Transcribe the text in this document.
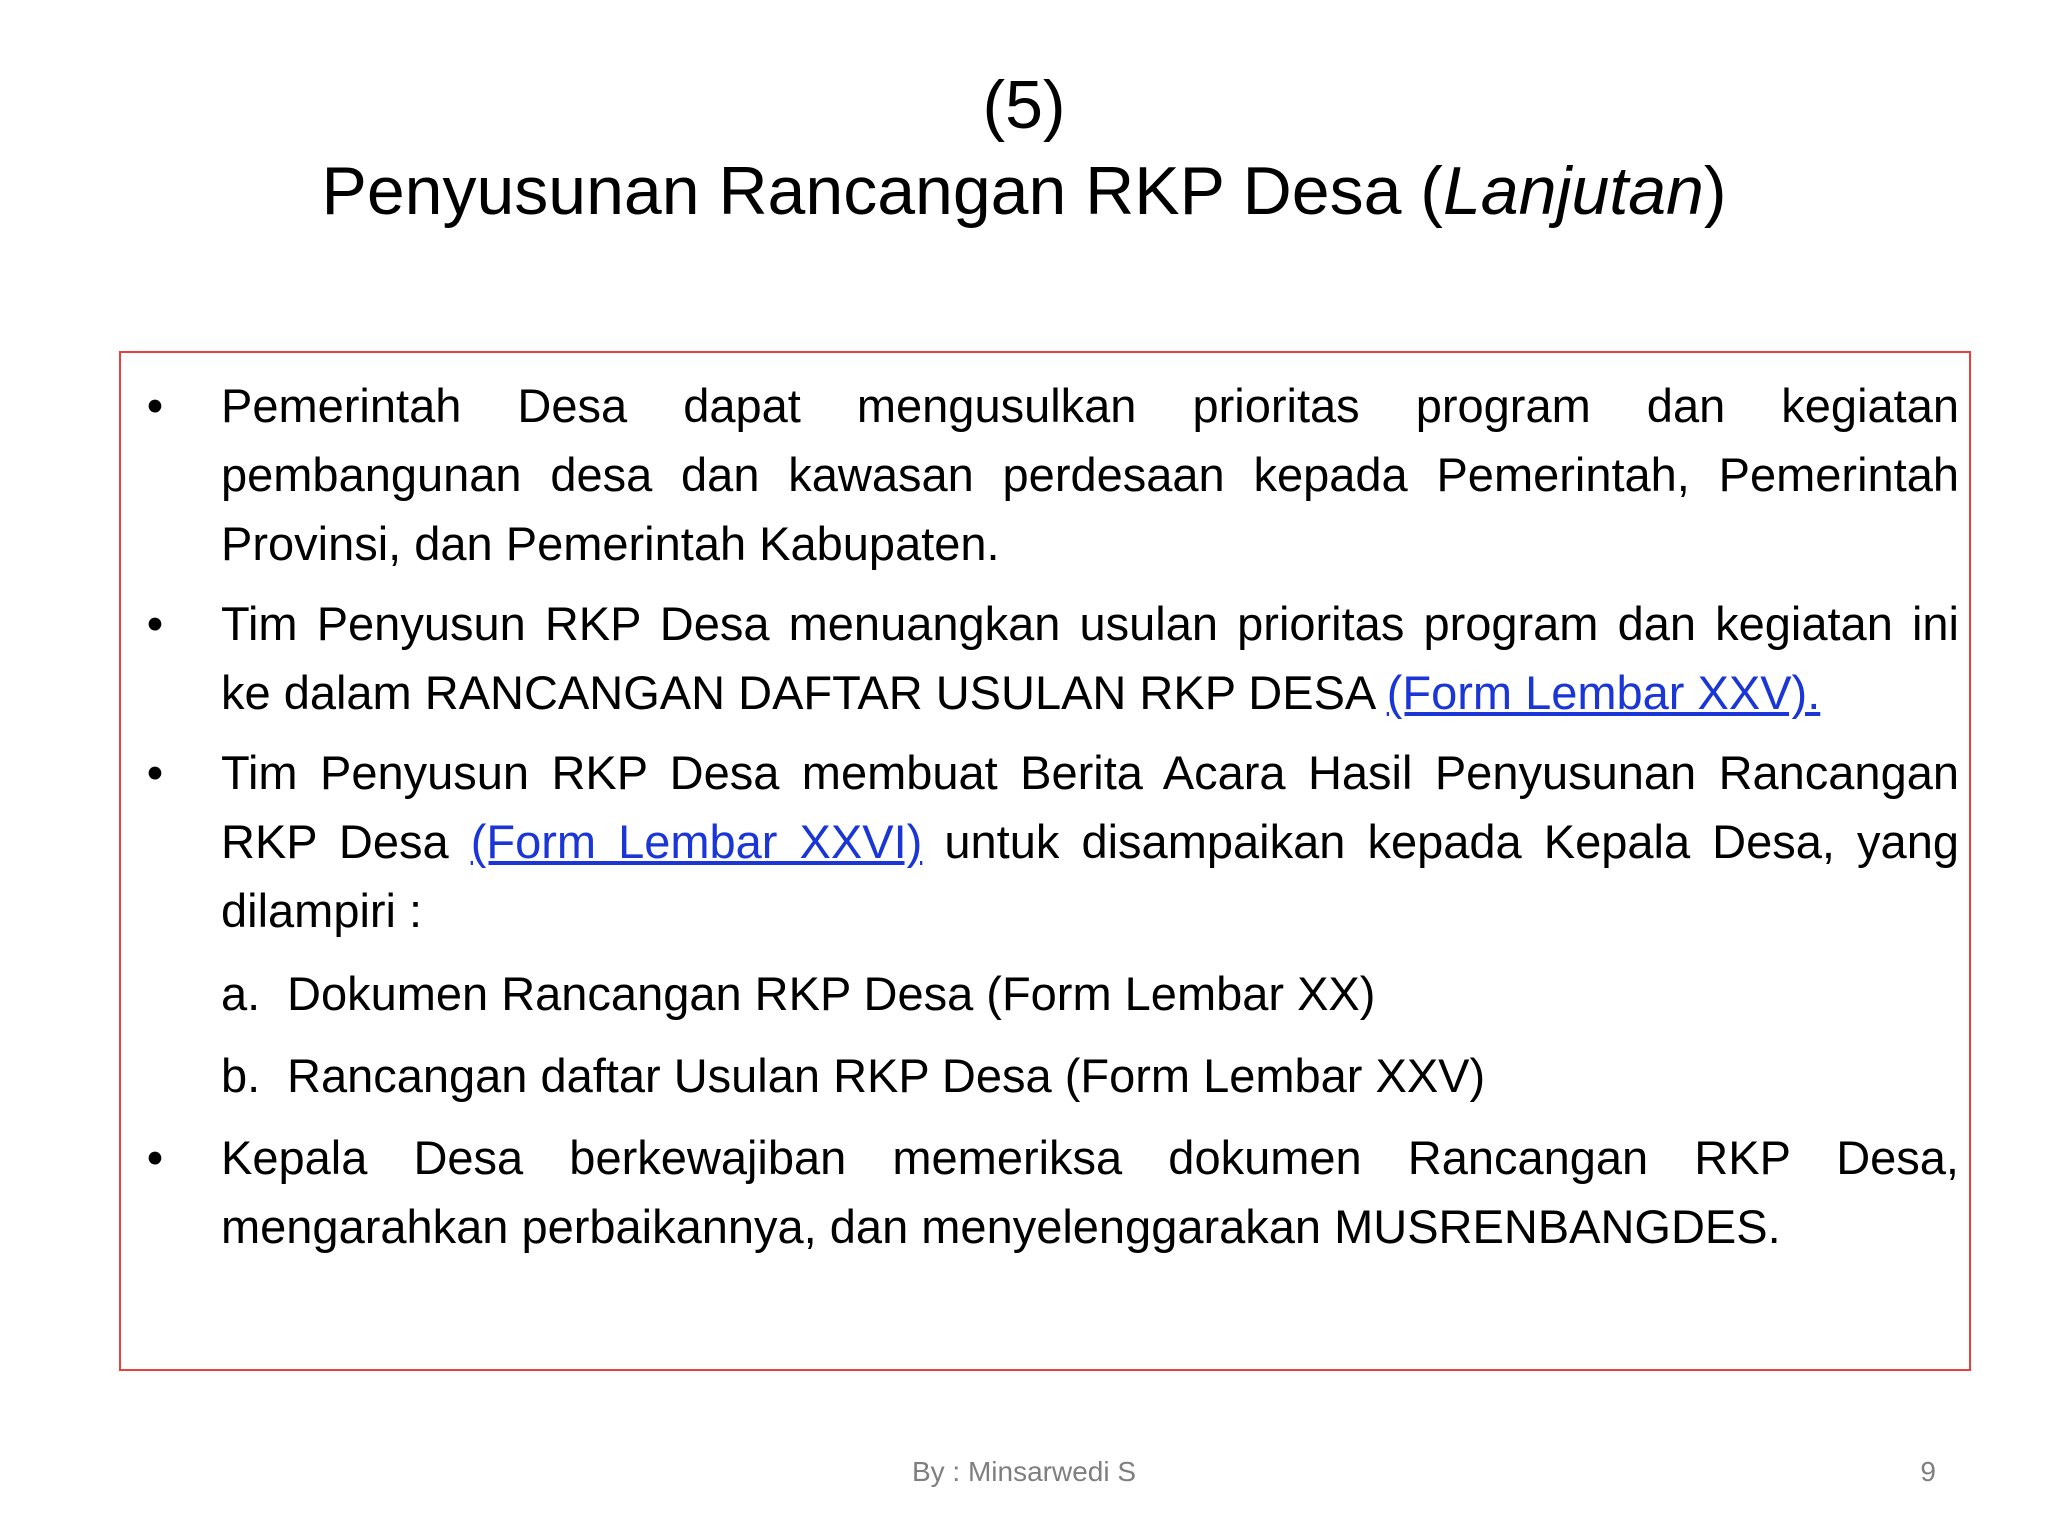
(5)
Penyusunan Rancangan RKP Desa (Lanjutan)
• Pemerintah Desa dapat mengusulkan prioritas program dan kegiatan pembangunan desa dan kawasan perdesaan kepada Pemerintah, Pemerintah Provinsi, dan Pemerintah Kabupaten.
• Tim Penyusun RKP Desa menuangkan usulan prioritas program dan kegiatan ini ke dalam RANCANGAN DAFTAR USULAN RKP DESA (Form Lembar XXV).
• Tim Penyusun RKP Desa membuat Berita Acara Hasil Penyusunan Rancangan RKP Desa (Form Lembar XXVI) untuk disampaikan kepada Kepala Desa, yang dilampiri :
a. Dokumen Rancangan RKP Desa (Form Lembar XX)
b. Rancangan daftar Usulan RKP Desa (Form Lembar XXV)
• Kepala Desa berkewajiban memeriksa dokumen Rancangan RKP Desa, mengarahkan perbaikannya, dan menyelenggarakan MUSRENBANGDES.
By : Minsarwedi S	9
